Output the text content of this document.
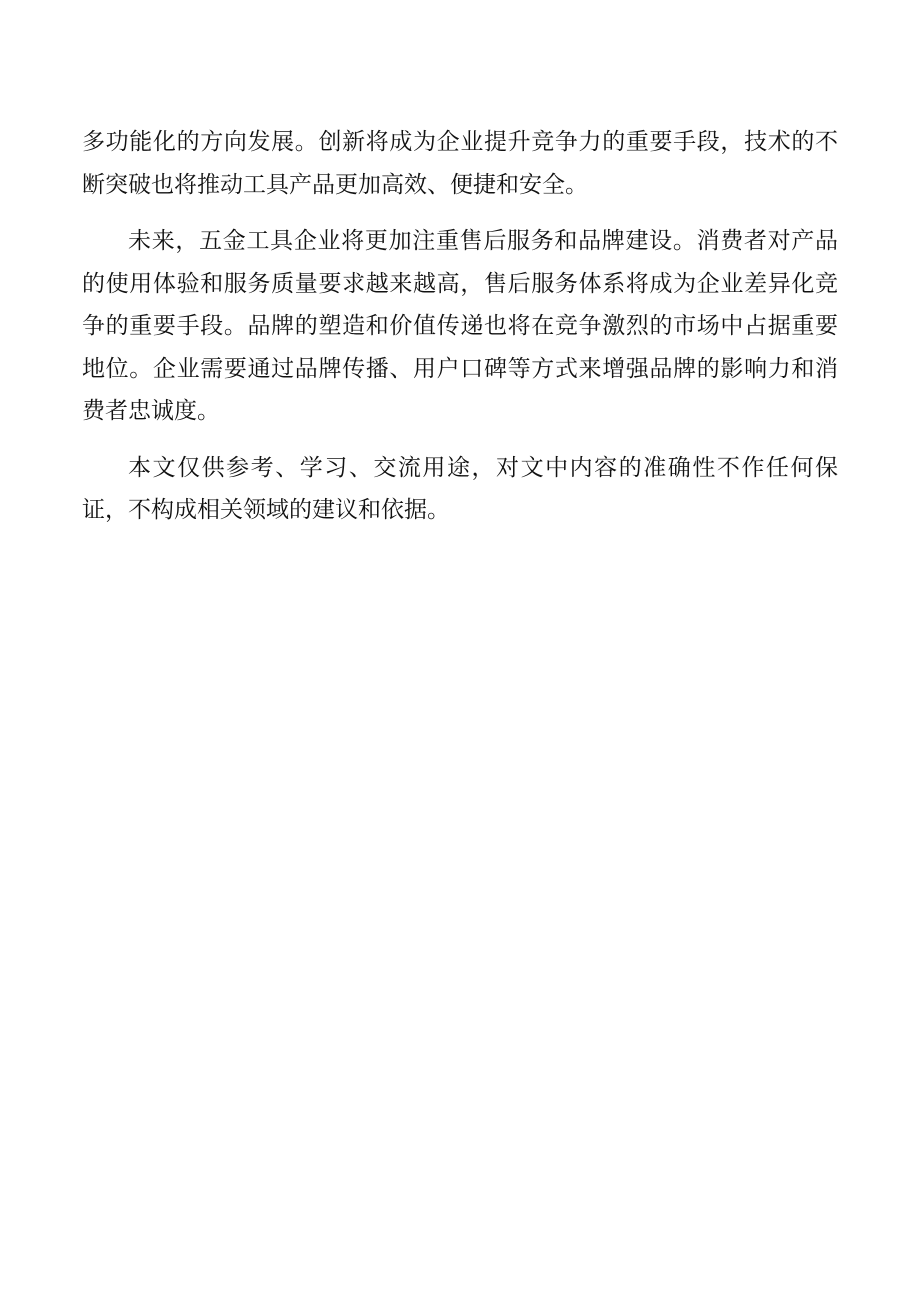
多功能化的方向发展。创新将成为企业提升竞争力的重要手段，技术的不断突破也将推动工具产品更加高效、便捷和安全。

未来，五金工具企业将更加注重售后服务和品牌建设。消费者对产品的使用体验和服务质量要求越来越高，售后服务体系将成为企业差异化竞争的重要手段。品牌的塑造和价值传递也将在竞争激烈的市场中占据重要地位。企业需要通过品牌传播、用户口碑等方式来增强品牌的影响力和消费者忠诚度。

本文仅供参考、学习、交流用途，对文中内容的准确性不作任何保证，不构成相关领域的建议和依据。
